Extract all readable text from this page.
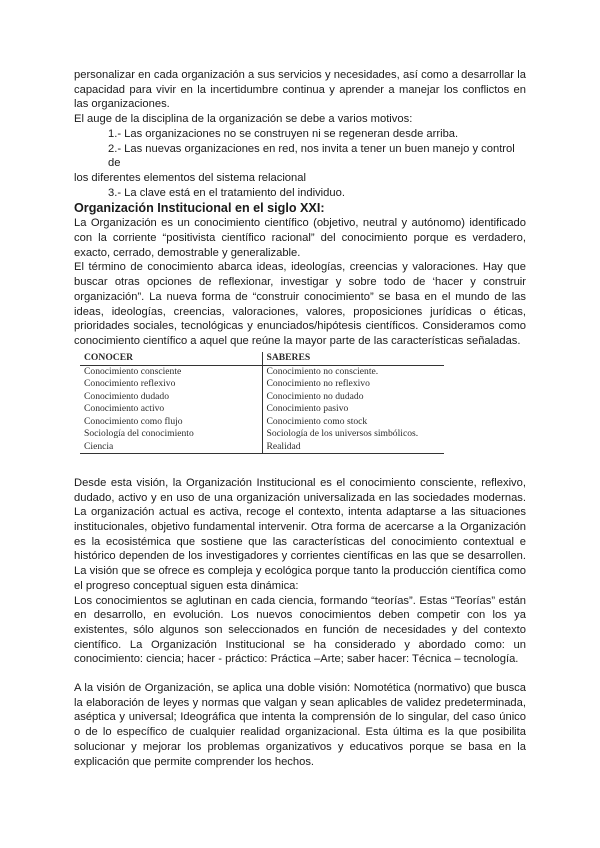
personalizar en cada organización a sus servicios y necesidades, así como a desarrollar la capacidad para vivir en la incertidumbre continua y aprender a manejar los conflictos en las organizaciones.

El auge de la disciplina de la organización se debe a varios motivos:

1.- Las organizaciones no se construyen ni se regeneran desde arriba.

2.- Las nuevas organizaciones en red, nos invita a tener un buen manejo y control de

los diferentes elementos del sistema relacional

3.- La clave está en el tratamiento del individuo.

Organización Institucional en el siglo XXI:

La Organización es un conocimiento científico (objetivo, neutral y autónomo) identificado con la corriente “positivista científico racional” del conocimiento porque es verdadero, exacto, cerrado, demostrable y generalizable.

El término de conocimiento abarca ideas, ideologías, creencias y valoraciones. Hay que buscar otras opciones de reflexionar, investigar y sobre todo de ‘hacer y construir organización”. La nueva forma de “construir conocimiento” se basa en el mundo de las ideas, ideologías, creencias, valoraciones, valores, proposiciones jurídicas o éticas, prioridades sociales, tecnológicas y enunciados/hipótesis científicos. Consideramos como conocimiento científico a aquel que reúne la mayor parte de las características señaladas.

CONOCER	SABERES
Conocimiento consciente	Conocimiento no consciente.
Conocimiento reflexivo	Conocimiento no reflexivo
Conocimiento dudado	Conocimiento no dudado
Conocimiento activo	Conocimiento pasivo
Conocimiento como flujo	Conocimiento como stock
Sociología del conocimiento	Sociología de los universos simbólicos.
Ciencia	Realidad

Desde esta visión, la Organización Institucional es el conocimiento consciente, reflexivo, dudado, activo y en uso de una organización universalizada en las sociedades modernas. La organización actual es activa, recoge el contexto, intenta adaptarse a las situaciones institucionales, objetivo fundamental intervenir. Otra forma de acercarse a la Organización es la ecosistémica que sostiene que las características del conocimiento contextual e histórico dependen de los investigadores y corrientes científicas en las que se desarrollen. La visión que se ofrece es compleja y ecológica porque tanto la producción científica como el progreso conceptual siguen esta dinámica:

Los conocimientos se aglutinan en cada ciencia, formando “teorías”. Estas “Teorías” están en desarrollo, en evolución. Los nuevos conocimientos deben competir con los ya existentes, sólo algunos son seleccionados en función de necesidades y del contexto científico. La Organización Institucional se ha considerado y abordado como: un conocimiento: ciencia; hacer - práctico: Práctica –Arte; saber hacer: Técnica – tecnología.

A la visión de Organización, se aplica una doble visión: Nomotética (normativo) que busca la elaboración de leyes y normas que valgan y sean aplicables de validez predeterminada, aséptica y universal; Ideográfica que intenta la comprensión de lo singular, del caso único o de lo específico de cualquier realidad organizacional. Esta última es la que posibilita solucionar y mejorar los problemas organizativos y educativos porque se basa en la explicación que permite comprender los hechos.
